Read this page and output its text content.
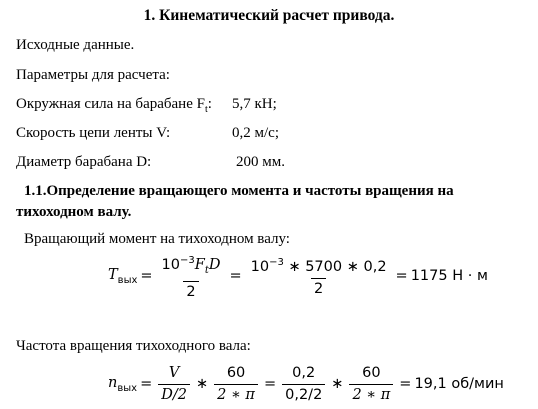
1. Кинематический расчет привода.
Исходные данные.
Параметры для расчета:
Окружная сила на барабане $F_t$: 5,7 кН;
Скорость цепи ленты V:	0,2 м/с;
Диаметр барабана D:	200 мм.
1.1.Определение вращающего момента и частоты вращения на
тихоходном валу.
Вращающий момент на тихоходном валу:
$T_{вых} = \frac{10^{-3}F_tD}{2} = \frac{10^{-3} ∗ 5700 ∗ 0,2}{2} = 1175$ Н · м
Частота вращения тихоходного вала:
$n_{вых} = \frac{V}{D/2}$ ∗ $\frac{60}{2 ∗ \pi} = \frac{0,2}{0,2/2}$ ∗ $\frac{60}{2 ∗ \pi} = 19,1$ об/мин
